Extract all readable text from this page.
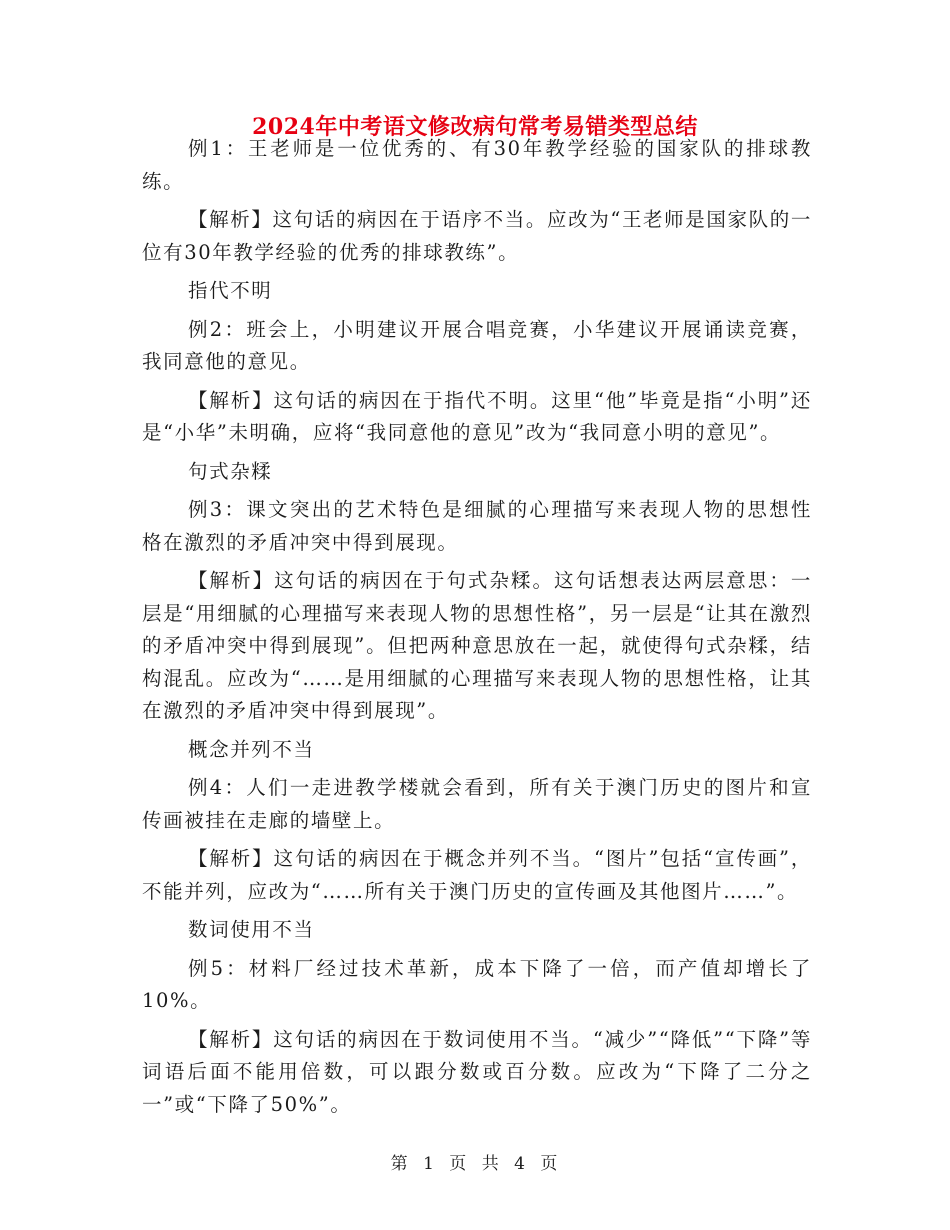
2024年中考语文修改病句常考易错类型总结

例1：王老师是一位优秀的、有30年教学经验的国家队的排球教练。

【解析】这句话的病因在于语序不当。应改为“王老师是国家队的一位有30年教学经验的优秀的排球教练”。

指代不明

例2：班会上，小明建议开展合唱竞赛，小华建议开展诵读竞赛，我同意他的意见。

【解析】这句话的病因在于指代不明。这里“他”毕竟是指“小明”还是“小华”未明确，应将“我同意他的意见”改为“我同意小明的意见”。

句式杂糅

例3：课文突出的艺术特色是细腻的心理描写来表现人物的思想性格在激烈的矛盾冲突中得到展现。

【解析】这句话的病因在于句式杂糅。这句话想表达两层意思：一层是“用细腻的心理描写来表现人物的思想性格”，另一层是“让其在激烈的矛盾冲突中得到展现”。但把两种意思放在一起，就使得句式杂糅，结构混乱。应改为“……是用细腻的心理描写来表现人物的思想性格，让其在激烈的矛盾冲突中得到展现”。

概念并列不当

例4：人们一走进教学楼就会看到，所有关于澳门历史的图片和宣传画被挂在走廊的墙壁上。

【解析】这句话的病因在于概念并列不当。“图片”包括“宣传画”，不能并列，应改为“……所有关于澳门历史的宣传画及其他图片……”。

数词使用不当

例5：材料厂经过技术革新，成本下降了一倍，而产值却增长了10%。

【解析】这句话的病因在于数词使用不当。“减少”“降低”“下降”等词语后面不能用倍数，可以跟分数或百分数。应改为“下降了二分之一”或“下降了50%”。

第 1 页 共 4 页
